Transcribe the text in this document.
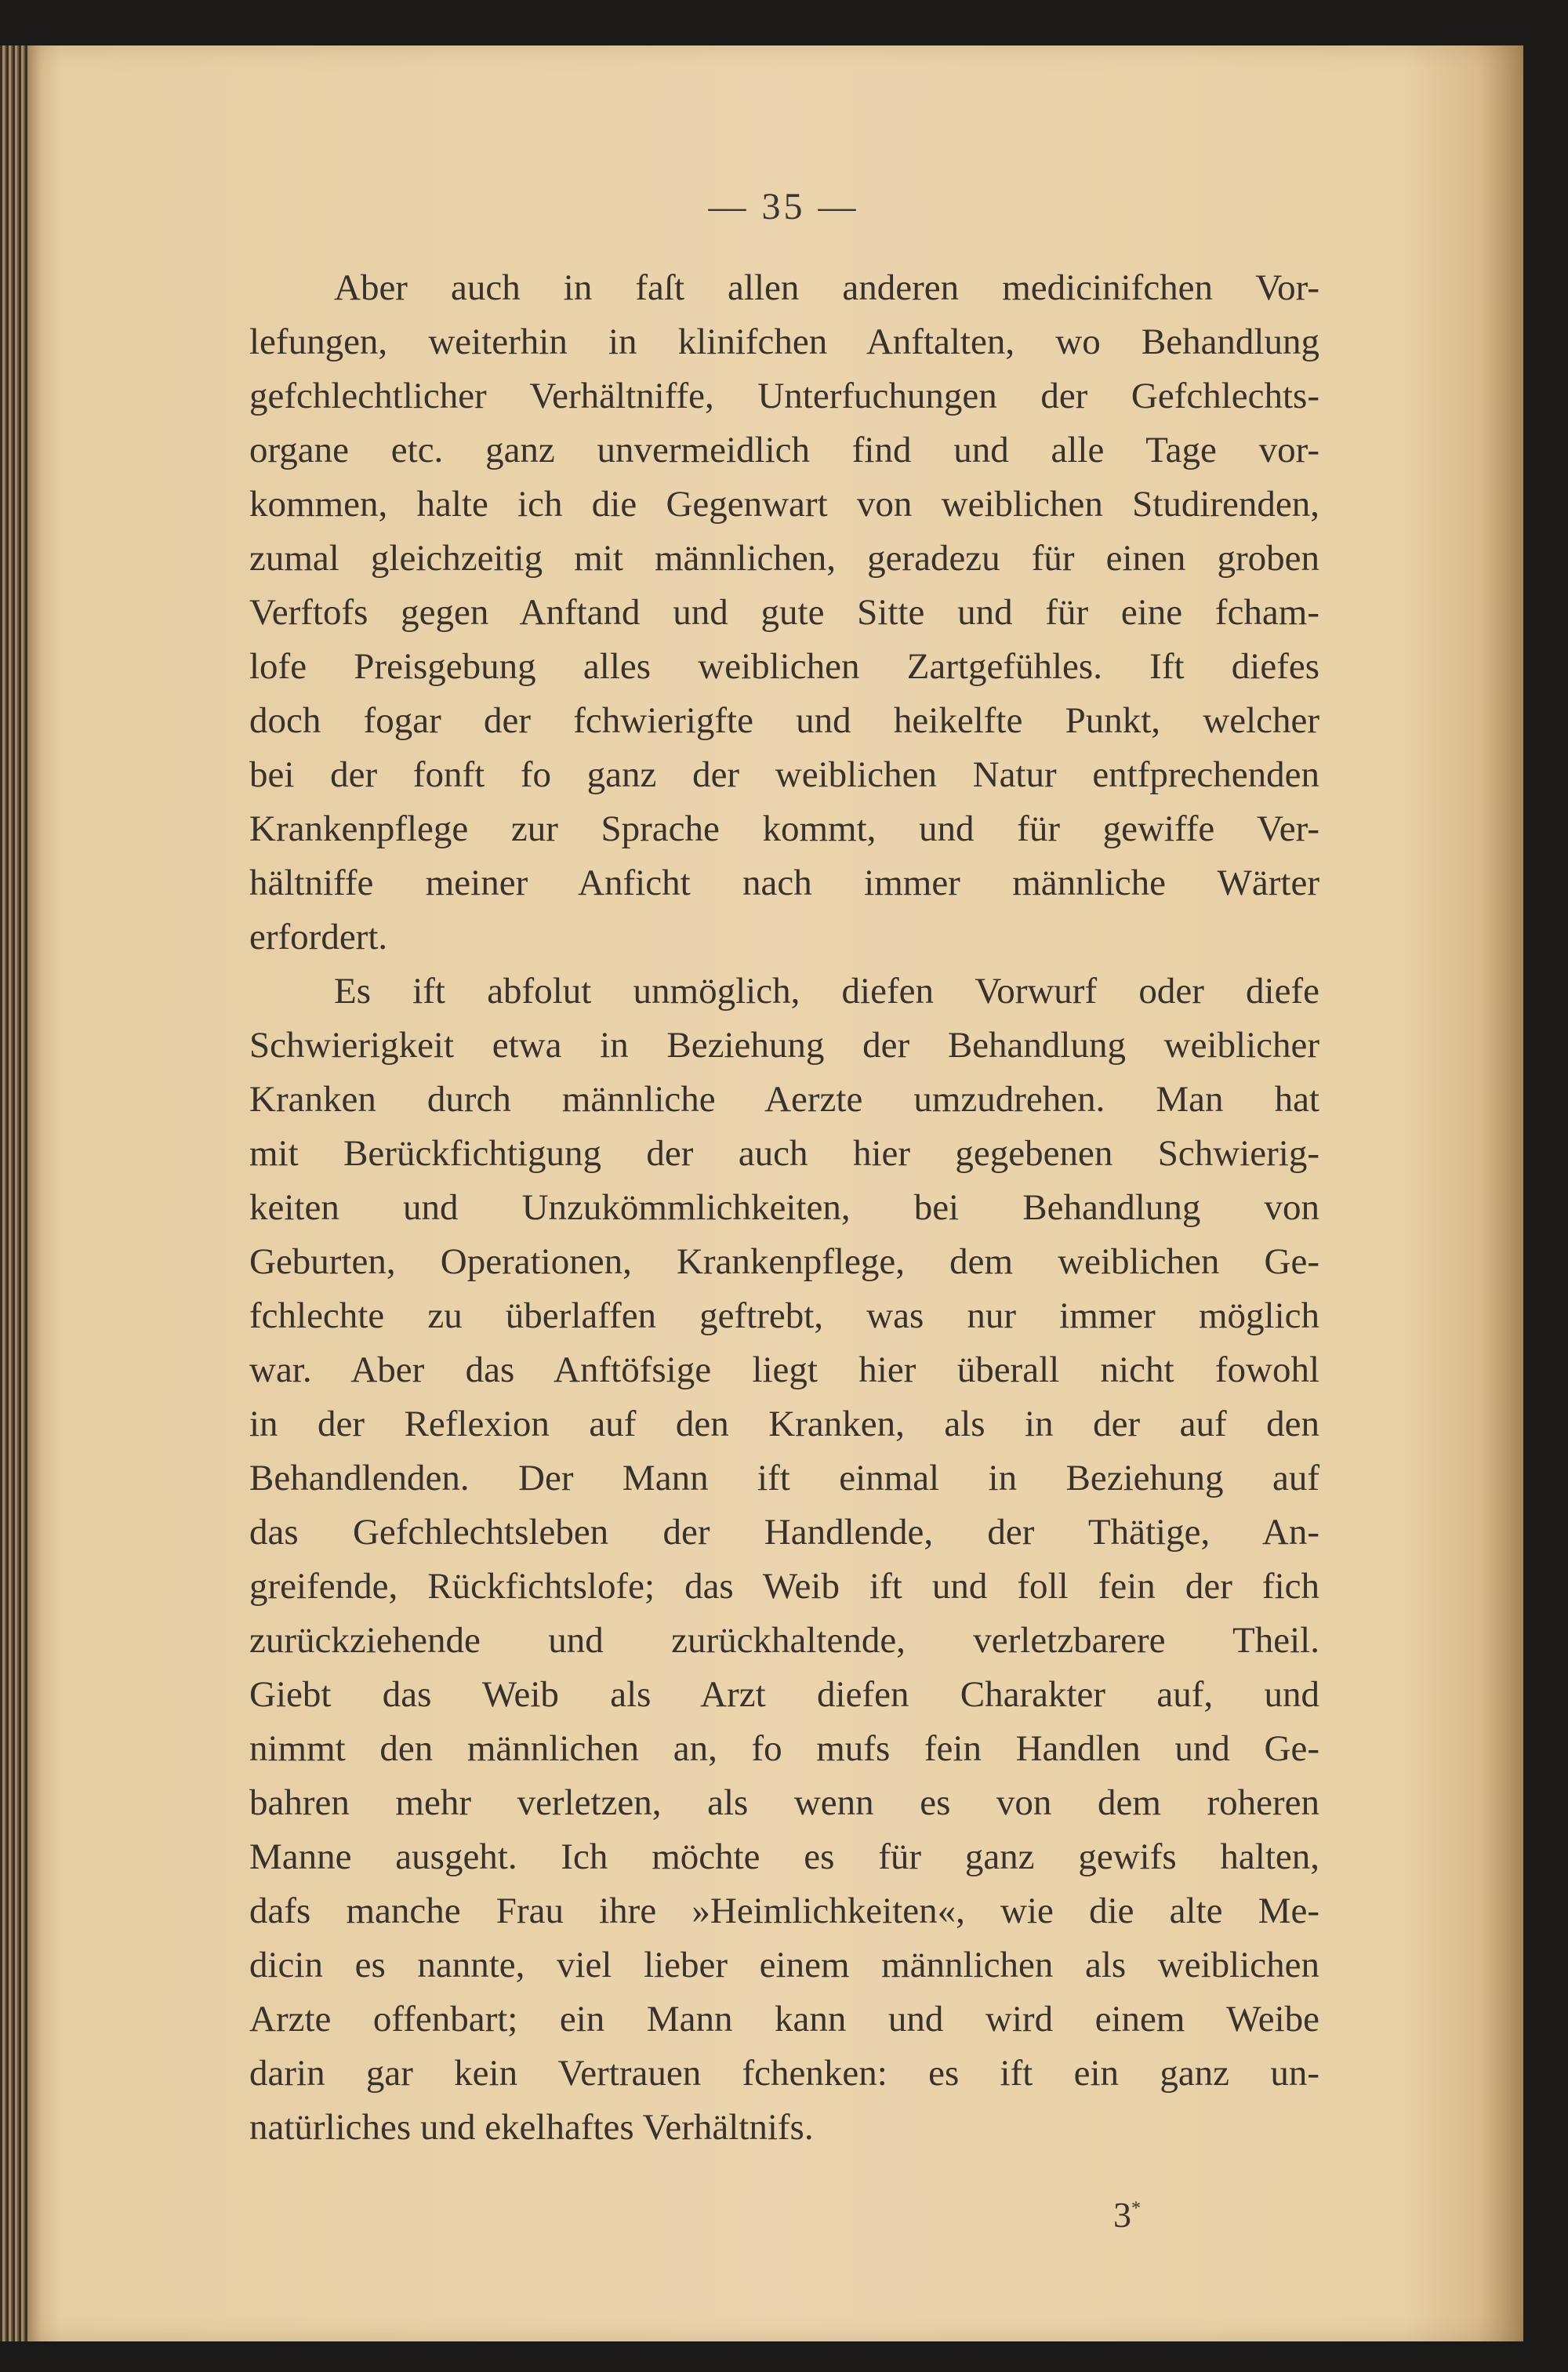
— 35 —
Aber auch in faſt allen anderen medicinifchen Vor-
lefungen, weiterhin in klinifchen Anftalten, wo Behandlung
gefchlechtlicher Verhältniffe, Unterfuchungen der Gefchlechts-
organe etc. ganz unvermeidlich find und alle Tage vor-
kommen, halte ich die Gegenwart von weiblichen Studirenden,
zumal gleichzeitig mit männlichen, geradezu für einen groben
Verftofs gegen Anftand und gute Sitte und für eine fcham-
lofe Preisgebung alles weiblichen Zartgefühles. Ift diefes
doch fogar der fchwierigfte und heikelfte Punkt, welcher
bei der fonft fo ganz der weiblichen Natur entfprechenden
Krankenpflege zur Sprache kommt, und für gewiffe Ver-
hältniffe meiner Anficht nach immer männliche Wärter
erfordert.
Es ift abfolut unmöglich, diefen Vorwurf oder diefe
Schwierigkeit etwa in Beziehung der Behandlung weiblicher
Kranken durch männliche Aerzte umzudrehen. Man hat
mit Berückfichtigung der auch hier gegebenen Schwierig-
keiten und Unzukömmlichkeiten, bei Behandlung von
Geburten, Operationen, Krankenpflege, dem weiblichen Ge-
fchlechte zu überlaffen geftrebt, was nur immer möglich
war. Aber das Anftöfsige liegt hier überall nicht fowohl
in der Reflexion auf den Kranken, als in der auf den
Behandlenden. Der Mann ift einmal in Beziehung auf
das Gefchlechtsleben der Handlende, der Thätige, An-
greifende, Rückfichtslofe; das Weib ift und foll fein der fich
zurückziehende und zurückhaltende, verletzbarere Theil.
Giebt das Weib als Arzt diefen Charakter auf, und
nimmt den männlichen an, fo mufs fein Handlen und Ge-
bahren mehr verletzen, als wenn es von dem roheren
Manne ausgeht. Ich möchte es für ganz gewifs halten,
dafs manche Frau ihre »Heimlichkeiten«, wie die alte Me-
dicin es nannte, viel lieber einem männlichen als weiblichen
Arzte offenbart; ein Mann kann und wird einem Weibe
darin gar kein Vertrauen fchenken: es ift ein ganz un-
natürliches und ekelhaftes Verhältnifs.
3*
